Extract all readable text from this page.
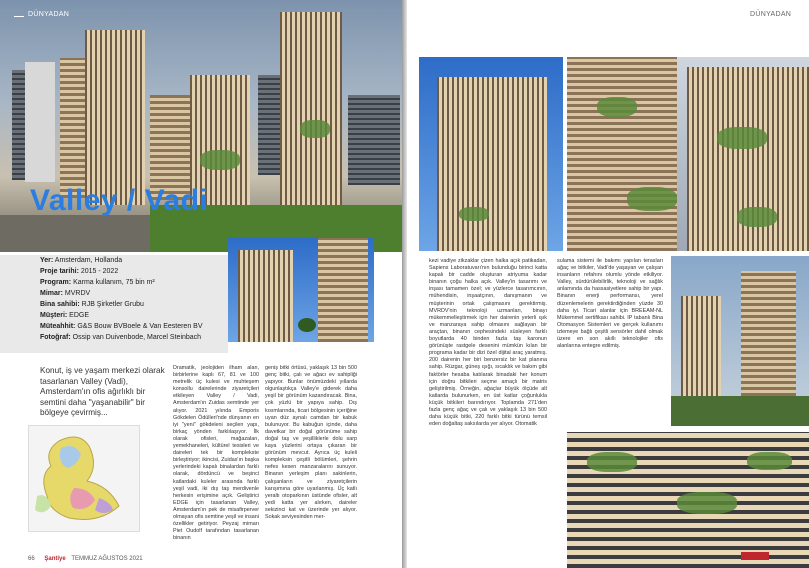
DÜNYADAN
Valley / Vadi
Yer: Amsterdam, Hollanda
Proje tarihi: 2015 - 2022
Program: Karma kullanım, 75 bin m²
Mimar: MVRDV
Bina sahibi: RJB Şirketler Grubu
Müşteri: EDGE
Müteahhit: G&S Bouw BVBoele & Van Eesteren BV
Fotoğraf: Ossip van Duivenbode, Marcel Steinbach
Konut, iş ve yaşam merkezi olarak tasarlanan Valley (Vadi), Amsterdam'ın ofis ağırlıklı bir semtini daha "yaşanabilir" bir bölgeye çevirmiş...
Dramatik, jeolojiden ilham alan, birbirlerine kaplı 67, 81 ve 100 metrelik üç kulesi ve muhteşem konsollu dairelerinde ziyaretçileri etkileyen Valley / Vadi, Amsterdam'ın Zuidas semtinde yer alıyor. 2021 yılında Emporis Gökdelen Ödülleri'nde dünyanın en iyi "yeni" gökdeleni seçilen yapı, birkaç yönden farklılaşıyor. İlk olarak ofisleri, mağazaları, yemekhaneleri, kültürel tesisleri ve daireleri tek bir komplekste birleştiriyor; ikincisi, Zuidas'ın başka yerlerindeki kapalı binalardan farklı olarak, dördüncü ve beşinci katlardaki kuleler arasında farklı yeşil vadi, iki dış taş merdivenle herkesin erişimine açık. Geliştirici EDGE için tasarlanan Valley, Amsterdam'ın pek de misafirperver olmayan ofis semtine yeşil ve insani özellikler getiriyor. Peyzaj mimarı Piet Oudolf tarafından tasarlanan binanın
geniş bitki örtüsü, yaklaşık 13 bin 500 genç bitki, çalı ve ağacı ev sahipliği yapıyor. Bunlar önümüzdeki yıllarda olgunlaştıkça Valley'e giderek daha yeşil bir görünüm kazandıracak. Bina, çok yüzlü bir yapıya sahip. Dış kısımlarında, ticari bölgesinin içeriğine uyan düz aynalı camdan bir kabuk bulunuyor. Bu kabuğun içinde, daha davetkar bir doğal görünüme sahip doğal taş ve yeşilliklerle dolu sarp kaya yüzlerini ortaya çıkaran bir görünüm mevcut. Ayrıca üç kuleli kompleksin çeşitli bölümleri, şehrin nefes kesen manzaralarını sunuyor. Binanın yerleşim planı sakinlerin, çalışanların ve ziyaretçilerin karışımına göre uyarlanmış. Üç katlı yeraltı otoparkının üstünde ofisler, alt yedi katta yer alırken, daireler sekizinci kat ve üzerinde yer alıyor. Sokak seviyesinden mer-
66 Şantiye TEMMUZ AĞUSTOS 2021
DÜNYADAN
kezi vadiye zikzaklar çizen halka açık patikadan, Sapiens Laboratuvarı'nın bulunduğu birinci katta kapalı bir cadde oluşturan atriyuma kadar binanın çoğu halka açık. Valley'in tasarımı ve inşası tamamen özel; ve yüzlerce tasarımcının, mühendisin, inşaatçının, danışmanın ve müşterinin ortak çalışmasını gerektirmiş. MVRDV'nin teknoloji uzmanları, binayı mükemmelleştirmek için her dairenin yeterli ışık ve manzaraya sahip olmasını sağlayan bir araçtan, binanın cephesindeki süsleyen farklı boyutlarda 40 binden fazla taş karonun görünüşte rastgele desenini mümkün kılan bir programa kadar bir dizi özel dijital araç yaratmış. 200 dairenin her biri benzersiz bir kat planına sahip. Rüzgar, güneş ışığı, sıcaklık ve bakım gibi faktörler hesaba katılarak binadaki her konum için doğru bitkileri seçme amaçlı bir matris geliştirilmiş. Örneğin, ağaçlar büyük ölçüde alt katlarda bulunurken, en üst katlar çoğunlukla küçük bitkileri barındırıyor. Toplamda 271'den fazla genç ağaç ve çalı ve yaklaşık 13 bin 500 daha küçük bitki, 220 farklı bitki türünü temsil eden doğaltaş saksılarda yer alıyor. Otomatik
sulama sistemi ile bakımı yapılan terasları ağaç ve bitkiler, Vadi'de yaşayan ve çalışan insanların refahını olumlu yönde etkiliyor. Valley, sürdürülebilirlik, teknoloji ve sağlık anlamında da hassasiyetlere sahip bir yapı. Binanın enerji performansı, yerel düzenlemelerin gerektirdiğinden yüzde 30 daha iyi. Ticari alanlar için BREEAM-NL Mükemmel sertifikası sahibi. IP tabanlı Bina Otomasyon Sistemleri ve gerçek kullanımı izlemeye bağlı çeşitli sensörler dahil olmak üzere en son akıllı teknolojiler ofis alanlarına entegre edilmiş.
